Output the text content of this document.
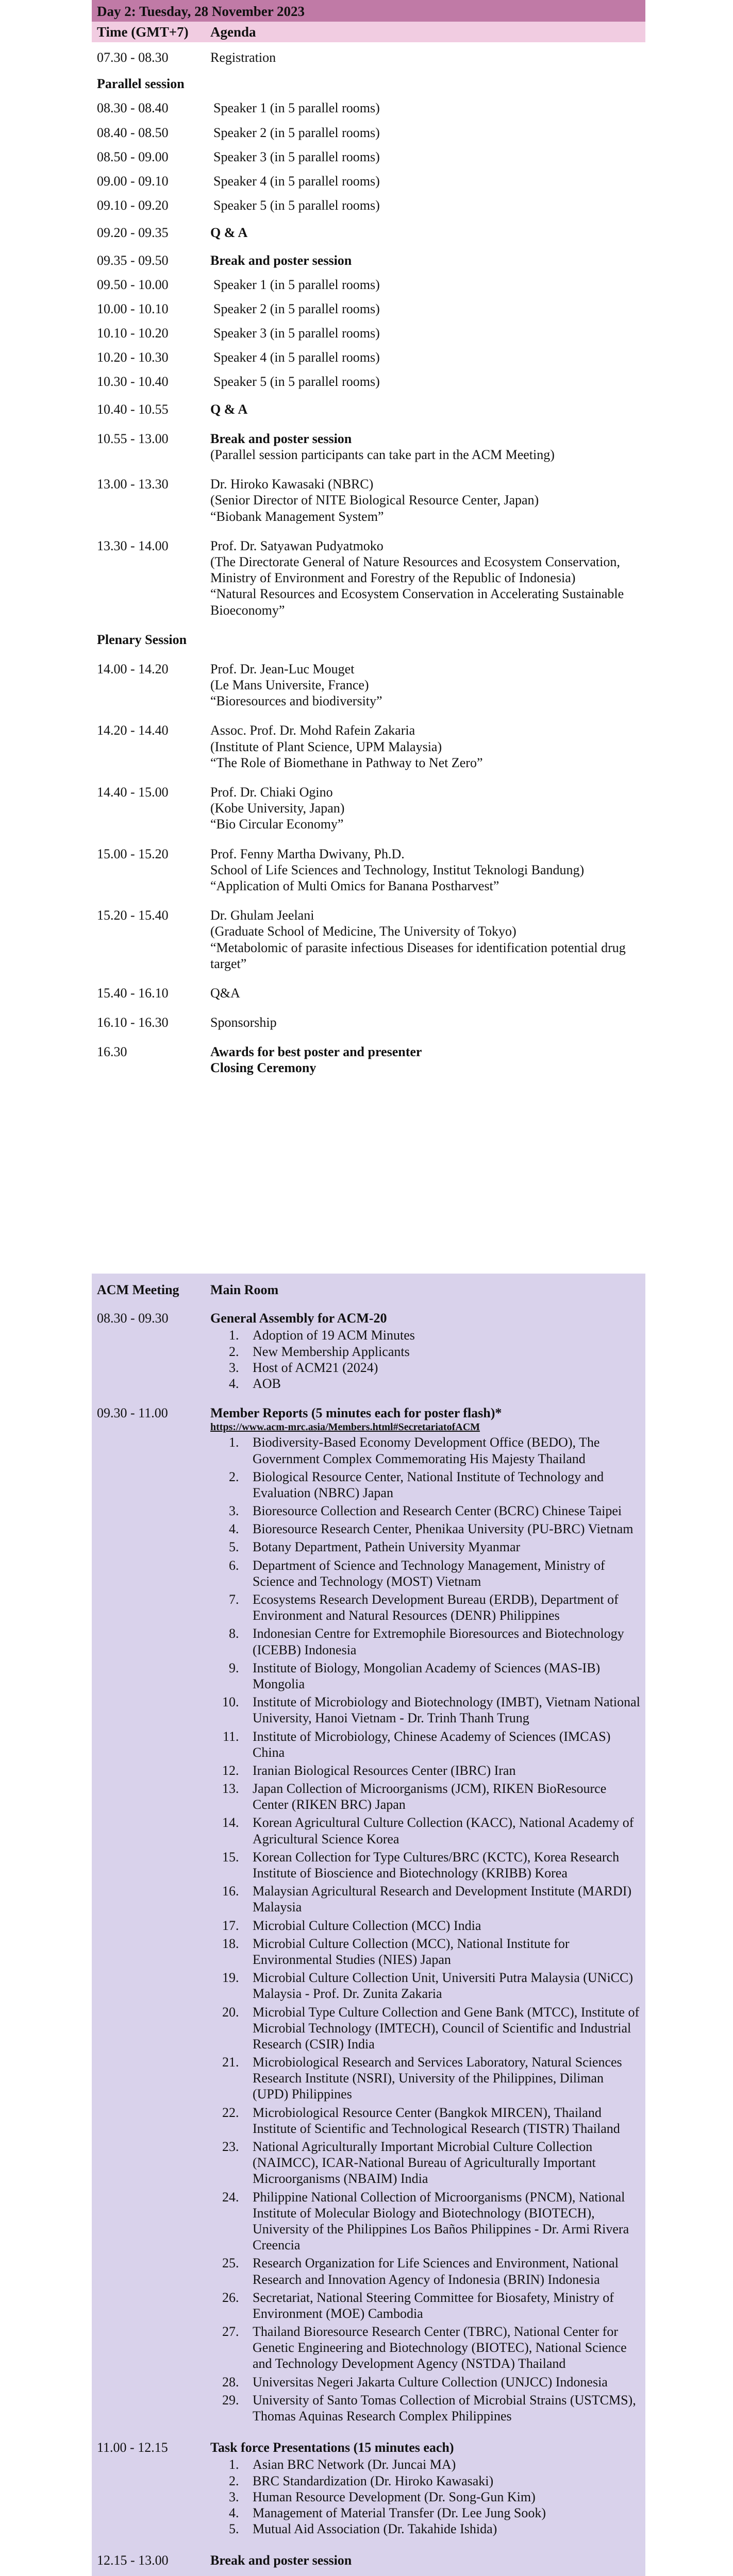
Day 2: Tuesday, 28 November 2023
Time (GMT+7)	Agenda
07.30 - 08.30	Registration
Parallel session
08.30 - 08.40	Speaker 1 (in 5 parallel rooms)
08.40 - 08.50	Speaker 2 (in 5 parallel rooms)
08.50 - 09.00	Speaker 3 (in 5 parallel rooms)
09.00 - 09.10	Speaker 4 (in 5 parallel rooms)
09.10 - 09.20	Speaker 5 (in 5 parallel rooms)
09.20 - 09.35	Q & A
09.35 - 09.50	Break and poster session
09.50 - 10.00	Speaker 1 (in 5 parallel rooms)
10.00 - 10.10	Speaker 2 (in 5 parallel rooms)
10.10 - 10.20	Speaker 3 (in 5 parallel rooms)
10.20 - 10.30	Speaker 4 (in 5 parallel rooms)
10.30 - 10.40	Speaker 5 (in 5 parallel rooms)
10.40 - 10.55	Q & A
10.55 - 13.00	Break and poster session
(Parallel session participants can take part in the ACM Meeting)
13.00 - 13.30	Dr. Hiroko Kawasaki (NBRC)
(Senior Director of NITE Biological Resource Center, Japan)
“Biobank Management System”
13.30 - 14.00	Prof. Dr. Satyawan Pudyatmoko
(The Directorate General of Nature Resources and Ecosystem Conservation, Ministry of Environment and Forestry of the Republic of Indonesia)
“Natural Resources and Ecosystem Conservation in Accelerating Sustainable Bioeconomy”
Plenary Session
14.00 - 14.20	Prof. Dr. Jean-Luc Mouget
(Le Mans Universite, France)
“Bioresources and biodiversity”
14.20 - 14.40	Assoc. Prof. Dr. Mohd Rafein Zakaria
(Institute of Plant Science, UPM Malaysia)
“The Role of Biomethane in Pathway to Net Zero”
14.40 - 15.00	Prof. Dr. Chiaki Ogino
(Kobe University, Japan)
“Bio Circular Economy”
15.00 - 15.20	Prof. Fenny Martha Dwivany, Ph.D.
School of Life Sciences and Technology, Institut Teknologi Bandung)
“Application of Multi Omics for Banana Postharvest”
15.20 - 15.40	Dr. Ghulam Jeelani
(Graduate School of Medicine, The University of Tokyo)
“Metabolomic of parasite infectious Diseases for identification potential drug target”
15.40 - 16.10	Q&A
16.10 - 16.30	Sponsorship
16.30	Awards for best poster and presenter
Closing Ceremony
ACM Meeting	Main Room
08.30 - 09.30	General Assembly for ACM-20
1. Adoption of 19 ACM Minutes
2. New Membership Applicants
3. Host of ACM21 (2024)
4. AOB
09.30 - 11.00	Member Reports (5 minutes each for poster flash)*
https://www.acm-mrc.asia/Members.html#SecretariatofACM
1. Biodiversity-Based Economy Development Office (BEDO), The Government Complex Commemorating His Majesty Thailand
2. Biological Resource Center, National Institute of Technology and Evaluation (NBRC) Japan
3. Bioresource Collection and Research Center (BCRC) Chinese Taipei
4. Bioresource Research Center, Phenikaa University (PU-BRC) Vietnam
5. Botany Department, Pathein University Myanmar
6. Department of Science and Technology Management, Ministry of Science and Technology (MOST) Vietnam
7. Ecosystems Research Development Bureau (ERDB), Department of Environment and Natural Resources (DENR) Philippines
8. Indonesian Centre for Extremophile Bioresources and Biotechnology (ICEBB) Indonesia
9. Institute of Biology, Mongolian Academy of Sciences (MAS-IB) Mongolia
10. Institute of Microbiology and Biotechnology (IMBT), Vietnam National University, Hanoi Vietnam - Dr. Trinh Thanh Trung
11. Institute of Microbiology, Chinese Academy of Sciences (IMCAS) China
12. Iranian Biological Resources Center (IBRC) Iran
13. Japan Collection of Microorganisms (JCM), RIKEN BioResource Center (RIKEN BRC) Japan
14. Korean Agricultural Culture Collection (KACC), National Academy of Agricultural Science Korea
15. Korean Collection for Type Cultures/BRC (KCTC), Korea Research Institute of Bioscience and Biotechnology (KRIBB) Korea
16. Malaysian Agricultural Research and Development Institute (MARDI) Malaysia
17. Microbial Culture Collection (MCC) India
18. Microbial Culture Collection (MCC), National Institute for Environmental Studies (NIES) Japan
19. Microbial Culture Collection Unit, Universiti Putra Malaysia (UNiCC) Malaysia - Prof. Dr. Zunita Zakaria
20. Microbial Type Culture Collection and Gene Bank (MTCC), Institute of Microbial Technology (IMTECH), Council of Scientific and Industrial Research (CSIR) India
21. Microbiological Research and Services Laboratory, Natural Sciences Research Institute (NSRI), University of the Philippines, Diliman (UPD) Philippines
22. Microbiological Resource Center (Bangkok MIRCEN), Thailand Institute of Scientific and Technological Research (TISTR) Thailand
23. National Agriculturally Important Microbial Culture Collection (NAIMCC), ICAR-National Bureau of Agriculturally Important Microorganisms (NBAIM) India
24. Philippine National Collection of Microorganisms (PNCM), National Institute of Molecular Biology and Biotechnology (BIOTECH), University of the Philippines Los Baños Philippines - Dr. Armi Rivera Creencia
25. Research Organization for Life Sciences and Environment, National Research and Innovation Agency of Indonesia (BRIN) Indonesia
26. Secretariat, National Steering Committee for Biosafety, Ministry of Environment (MOE) Cambodia
27. Thailand Bioresource Research Center (TBRC), National Center for Genetic Engineering and Biotechnology (BIOTEC), National Science and Technology Development Agency (NSTDA) Thailand
28. Universitas Negeri Jakarta Culture Collection (UNJCC) Indonesia
29. University of Santo Tomas Collection of Microbial Strains (USTCMS), Thomas Aquinas Research Complex Philippines
11.00 - 12.15	Task force Presentations (15 minutes each)
1. Asian BRC Network (Dr. Juncai MA)
2. BRC Standardization (Dr. Hiroko Kawasaki)
3. Human Resource Development (Dr. Song-Gun Kim)
4. Management of Material Transfer (Dr. Lee Jung Sook)
5. Mutual Aid Association (Dr. Takahide Ishida)
12.15 - 13.00	Break and poster session
